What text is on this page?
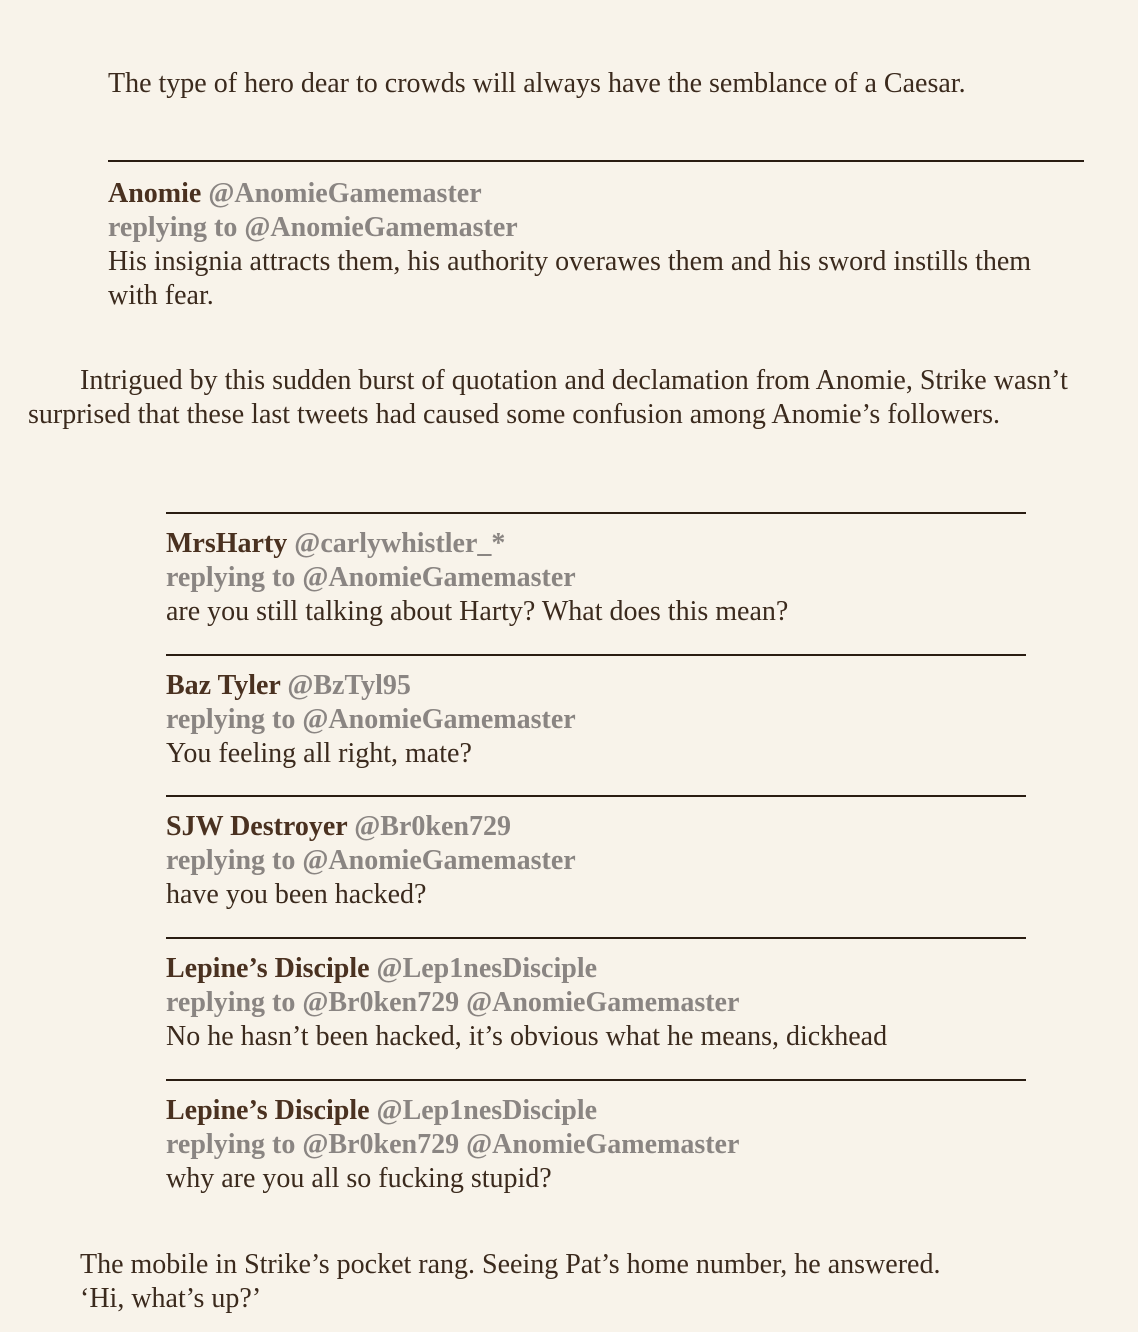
The type of hero dear to crowds will always have the semblance of a Caesar.
Anomie @AnomieGamemaster
replying to @AnomieGamemaster
His insignia attracts them, his authority overawes them and his sword instills them with fear.

Intrigued by this sudden burst of quotation and declamation from Anomie, Strike wasn’t surprised that these last tweets had caused some confusion among Anomie’s followers.

MrsHarty @carlywhistler_*
replying to @AnomieGamemaster
are you still talking about Harty? What does this mean?
Baz Tyler @BzTyl95
replying to @AnomieGamemaster
You feeling all right, mate?
SJW Destroyer @Br0ken729
replying to @AnomieGamemaster
have you been hacked?
Lepine’s Disciple @Lep1nesDisciple
replying to @Br0ken729 @AnomieGamemaster
No he hasn’t been hacked, it’s obvious what he means, dickhead
Lepine’s Disciple @Lep1nesDisciple
replying to @Br0ken729 @AnomieGamemaster
why are you all so fucking stupid?
The mobile in Strike’s pocket rang. Seeing Pat’s home number, he answered.
‘Hi, what’s up?’
